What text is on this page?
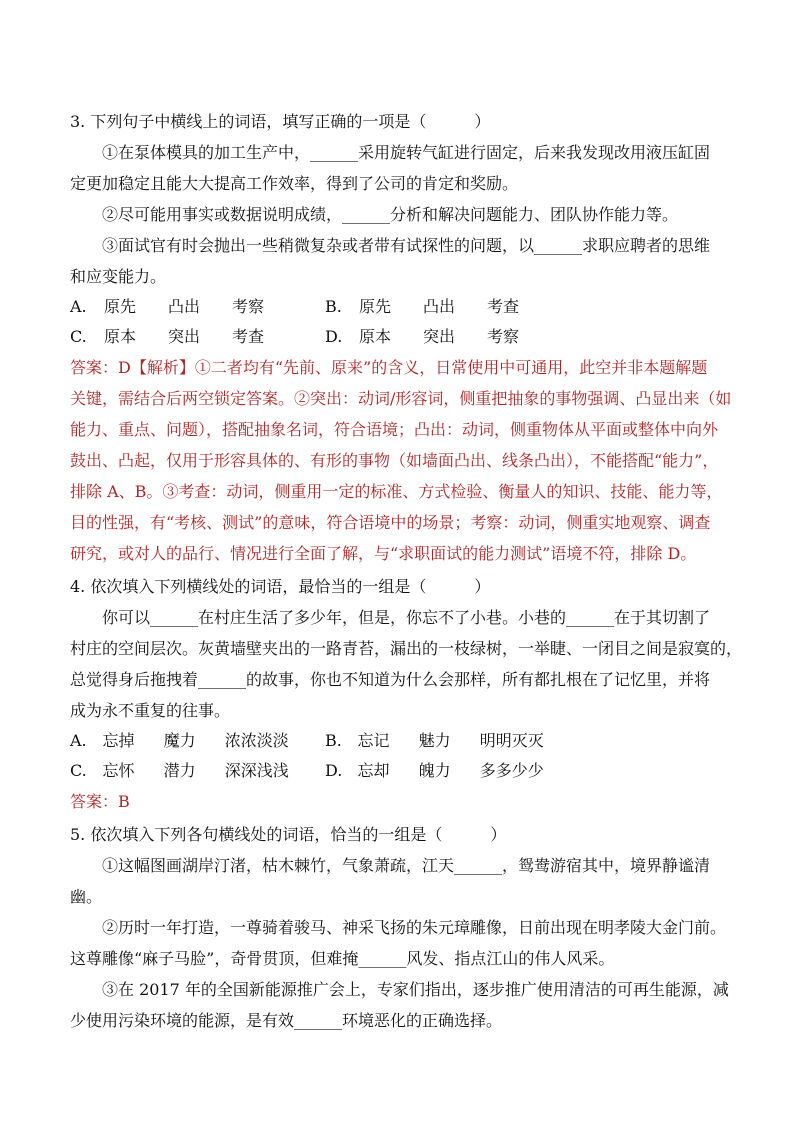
3. 下列句子中横线上的词语，填写正确的一项是（　　　）

①在泵体模具的加工生产中，______采用旋转气缸进行固定，后来我发现改用液压缸固

定更加稳定且能大大提高工作效率，得到了公司的肯定和奖励。

②尽可能用事实或数据说明成绩，______分析和解决问题能力、团队协作能力等。

③面试官有时会抛出一些稍微复杂或者带有试探性的问题，以______求职应聘者的思维

和应变能力。

A.	原先	凸出	考察	B.	原先	凸出	考查
C.	原本	突出	考查	D.	原本	突出	考察

答案：D【解析】①二者均有“先前、原来”的含义，日常使用中可通用，此空并非本题解题

关键，需结合后两空锁定答案。②突出：动词/形容词，侧重把抽象的事物强调、凸显出来（如

能力、重点、问题），搭配抽象名词，符合语境；凸出：动词，侧重物体从平面或整体中向外

鼓出、凸起，仅用于形容具体的、有形的事物（如墙面凸出、线条凸出），不能搭配“能力”，

排除 A、B。③考查：动词，侧重用一定的标准、方式检验、衡量人的知识、技能、能力等，

目的性强，有“考核、测试”的意味，符合语境中的场景；考察：动词，侧重实地观察、调查

研究，或对人的品行、情况进行全面了解，与“求职面试的能力测试”语境不符，排除 D。

4. 依次填入下列横线处的词语，最恰当的一组是（　　　）

你可以______在村庄生活了多少年，但是，你忘不了小巷。小巷的______在于其切割了

村庄的空间层次。灰黄墙壁夹出的一路青苔，漏出的一枝绿树，一举睫、一闭目之间是寂寞的，

总觉得身后拖拽着______的故事，你也不知道为什么会那样，所有都扎根在了记忆里，并将

成为永不重复的往事。

A. 忘掉	魔力	浓浓淡淡	B. 忘记	魅力	明明灭灭
C. 忘怀	潜力	深深浅浅	D. 忘却	魄力	多多少少

答案：B

5. 依次填入下列各句横线处的词语，恰当的一组是（　　　）

①这幅图画湖岸汀渚，枯木棘竹，气象萧疏，江天______，鸳鸯游宿其中，境界静谧清

幽。

②历时一年打造，一尊骑着骏马、神采飞扬的朱元璋雕像，日前出现在明孝陵大金门前。

这尊雕像“麻子马脸”，奇骨贯顶，但难掩______风发、指点江山的伟人风采。

③在 2017 年的全国新能源推广会上，专家们指出，逐步推广使用清洁的可再生能源，减

少使用污染环境的能源，是有效______环境恶化的正确选择。
